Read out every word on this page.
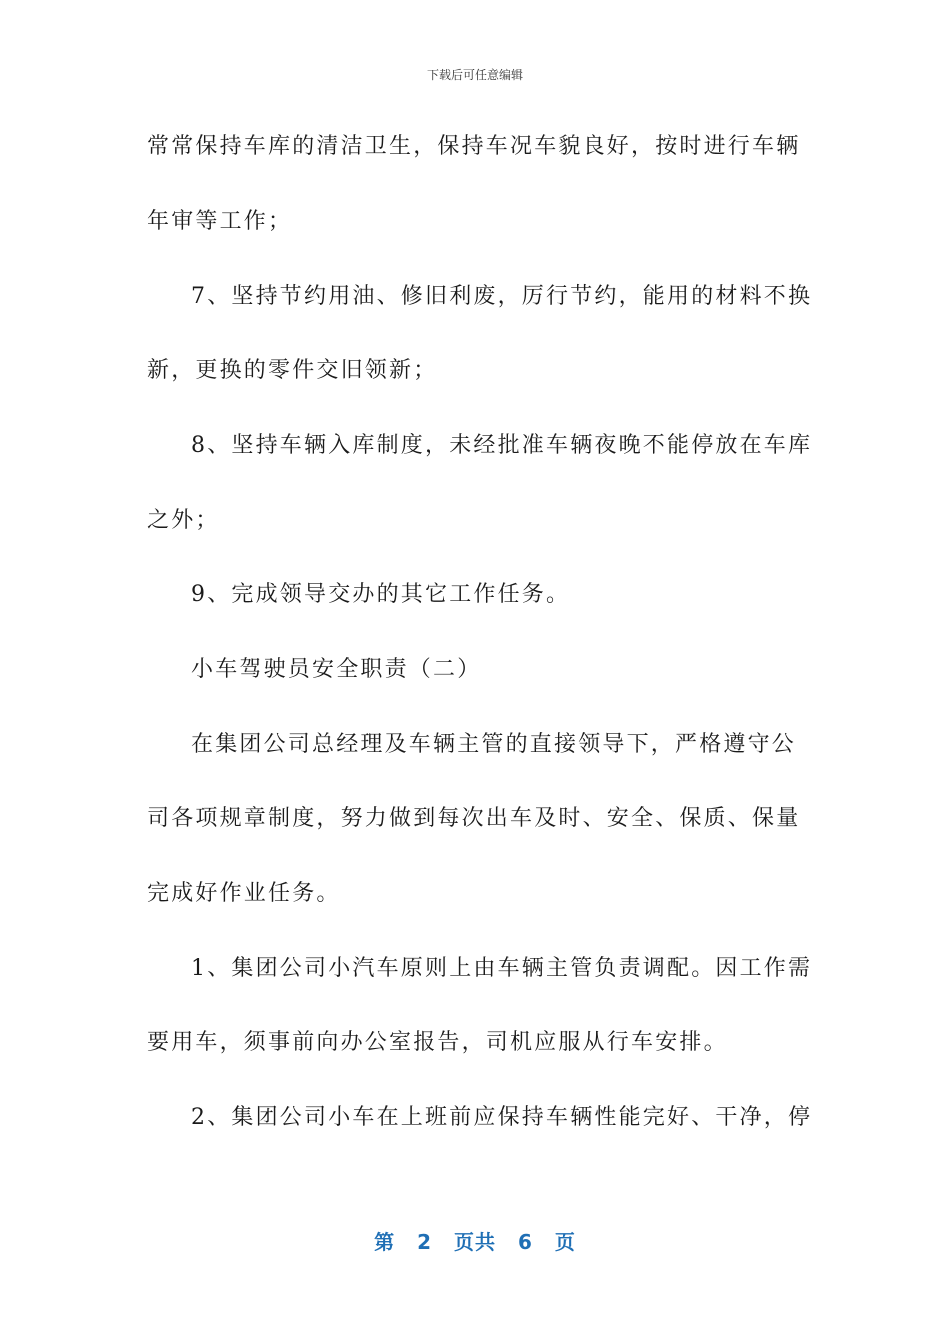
下载后可任意编辑
常常保持车库的清洁卫生，保持车况车貌良好，按时进行车辆
年审等工作；
7、坚持节约用油、修旧利废，厉行节约，能用的材料不换
新，更换的零件交旧领新；
8、坚持车辆入库制度，未经批准车辆夜晚不能停放在车库
之外；
9、完成领导交办的其它工作任务。
小车驾驶员安全职责（二）
在集团公司总经理及车辆主管的直接领导下，严格遵守公
司各项规章制度，努力做到每次出车及时、安全、保质、保量
完成好作业任务。
1、集团公司小汽车原则上由车辆主管负责调配。因工作需
要用车，须事前向办公室报告，司机应服从行车安排。
2、集团公司小车在上班前应保持车辆性能完好、干净，停
第 2 页共 6 页
